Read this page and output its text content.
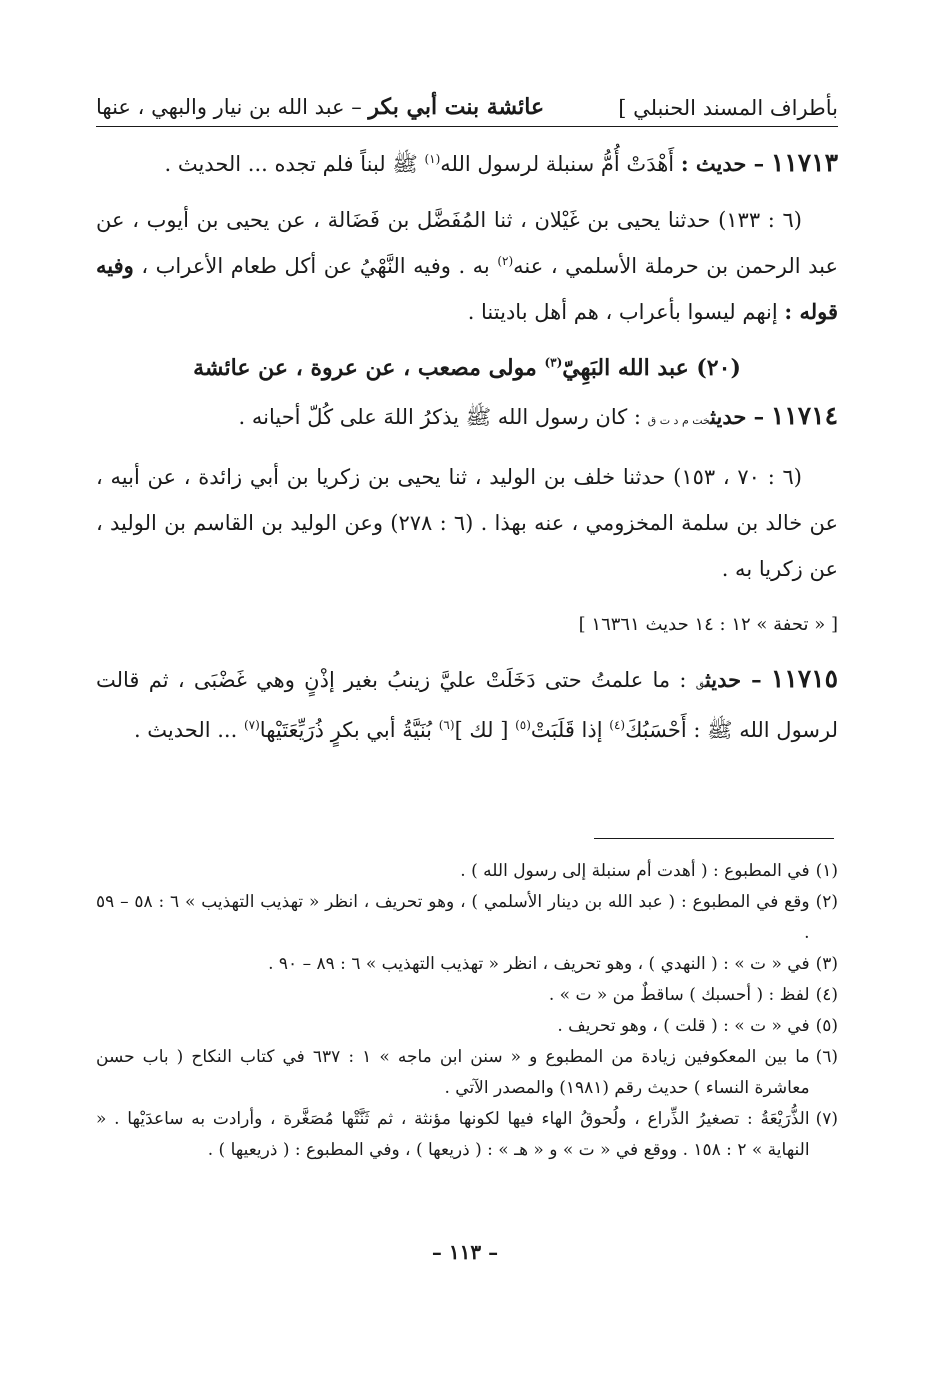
بأطراف المسند الحنبلي ]
عائشة بنت أبي بكر – عبد الله بن نيار والبهي ، عنها

١١٧١٣ – حديث : أَهْدَتْ أُمُّ سنبلة لرسول الله$^{(١)}$ ﷺ لبناً فلم تجده ... الحديث .

(٦ : ١٣٣) حدثنا يحيى بن غَيْلان ، ثنا المُفَضَّل بن فَضَالة ، عن يحيى بن أيوب ، عن عبد الرحمن بن حرملة الأسلمي ، عنه$^{(٢)}$ به . وفيه النَّهْيُ عن أكل طعام الأعراب ، وفيه قوله : إنهم ليسوا بأعراب ، هم أهل باديتنا .

(٢٠) عبد الله البَهِيّ$^{(٣)}$ مولى مصعب ، عن عروة ، عن عائشة

١١٧١٤ – حديثخت م د ت ق : كان رسول الله ﷺ يذكرُ اللهَ على كُلّ أحيانه .

(٦ : ٧٠ ، ١٥٣) حدثنا خلف بن الوليد ، ثنا يحيى بن زكريا بن أبي زائدة ، عن أبيه ، عن خالد بن سلمة المخزومي ، عنه بهذا . (٦ : ٢٧٨) وعن الوليد بن القاسم بن الوليد ، عن زكريا به .

[ « تحفة » ١٢ : ١٤ حديث ١٦٣٦١ ]

١١٧١٥ – حديثق : ما علمتُ حتى دَخَلَتْ عليَّ زينبُ بغير إذْنٍ وهي غَضْبَى ، ثم قالت لرسول الله ﷺ : أَحْسَبُكَ$^{(٤)}$ إذا قَلَبَتْ$^{(٥)}$ [ لك ]$^{(٦)}$ بُنَيَّةُ أبي بكرٍ ذُرَيِّعَتَيْها$^{(٧)}$ ... الحديث .

(١)
في المطبوع : ( أهدت أم سنبلة إلى رسول الله ) .
(٢)
وقع في المطبوع : ( عبد الله بن دينار الأسلمي ) ، وهو تحريف ، انظر « تهذيب التهذيب » ٦ : ٥٨ – ٥٩ .
(٣)
في « ت » : ( النهدي ) ، وهو تحريف ، انظر « تهذيب التهذيب » ٦ : ٨٩ – ٩٠ .
(٤)
لفظ : ( أحسبك ) ساقطٌ من « ت » .
(٥)
في « ت » : ( قلت ) ، وهو تحريف .
(٦)
ما بين المعكوفين زيادة من المطبوع و « سنن ابن ماجه » ١ : ٦٣٧ في كتاب النكاح ( باب حسن معاشرة النساء ) حديث رقم (١٩٨١) والمصدر الآتي .
(٧)
الذُّرَيْعَةُ : تصغيرُ الذِّراع ، ولُحوقُ الهاء فيها لكونها مؤنثة ، ثم ثَنَّتْها مُصَغَّرة ، وأرادت به ساعدَيْها . « النهاية » ٢ : ١٥٨ . ووقع في « ت » و « هـ » : ( ذريعها ) ، وفي المطبوع : ( ذريعيها ) .
– ١١٣ –
